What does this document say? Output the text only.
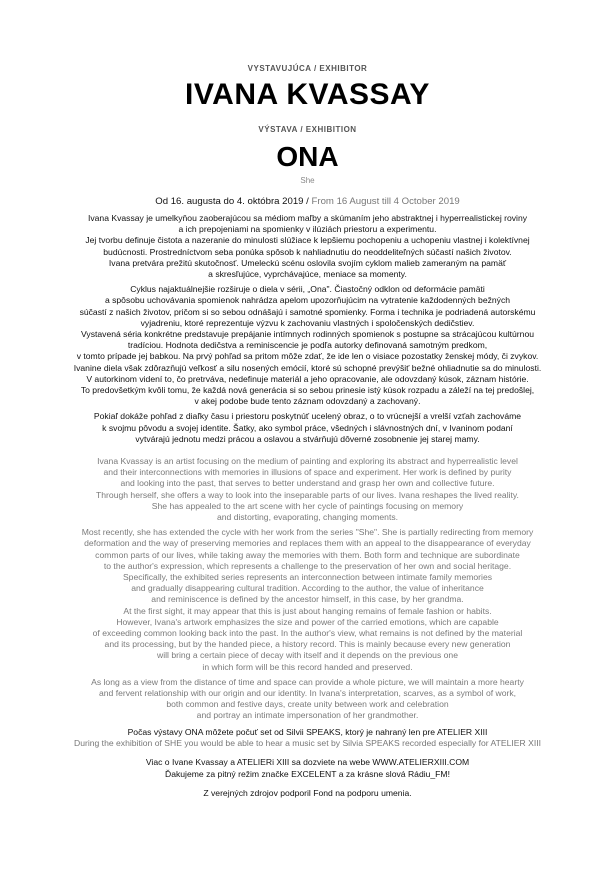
VYSTAVUJÚCA / EXHIBITOR
IVANA KVASSAY
VÝSTAVA / EXHIBITION
ONA
She
Od 16. augusta do 4. októbra 2019 / From 16 August till 4 October 2019

Ivana Kvassay je umelkyňou zaoberajúcou sa médiom maľby a skúmaním jeho abstraktnej i hyperrealistickej roviny

a ich prepojeniami na spomienky v ilúziách priestoru a experimentu.

Jej tvorbu definuje čistota a nazeranie do minulosti slúžiace k lepšiemu pochopeniu a uchopeniu vlastnej i kolektívnej

budúcnosti. Prostredníctvom seba ponúka spôsob k nahliadnutiu do neoddeliteľných súčastí našich životov.

Ivana pretvára prežitú skutočnosť. Umeleckú scénu oslovila svojím cyklom malieb zameraným na pamäť

a skresľujúce, vyprchávajúce, meniace sa momenty.

Cyklus najaktuálnejšie rozširuje o diela v sérii, „Ona". Čiastočný odklon od deformácie pamäti

a spôsobu uchovávania spomienok nahrádza apelom upozorňujúcim na vytratenie každodenných bežných

súčastí z našich životov, pričom si so sebou odnášajú i samotné spomienky. Forma i technika je podriadená autorskému

vyjadreniu, ktoré reprezentuje výzvu k zachovaniu vlastných i spoločenských dedičstiev.

Vystavená séria konkrétne predstavuje prepájanie intímnych rodinných spomienok s postupne sa strácajúcou kultúrnou

tradíciou. Hodnota dedičstva a reminiscencie je podľa autorky definovaná samotným predkom,

v tomto prípade jej babkou. Na prvý pohľad sa pritom môže zdať, že ide len o visiace pozostatky ženskej módy, či zvykov.

Ivanine diela však zdôrazňujú veľkosť a silu nosených emócií, ktoré sú schopné prevýšiť bežné ohliadnutie sa do minulosti.

V autorkinom videní to, čo pretrváva, nedefinuje materiál a jeho opracovanie, ale odovzdaný kúsok, záznam histórie.

To predovšetkým kvôli tomu, že každá nová generácia si so sebou prinesie istý kúsok rozpadu a záleží na tej predošlej,

v akej podobe bude tento záznam odovzdaný a zachovaný.

Pokiaľ dokáže pohľad z diaľky času i priestoru poskytnúť ucelený obraz, o to vrúcnejší a vrelší vzťah zachováme

k svojmu pôvodu a svojej identite. Šatky, ako symbol práce, všedných i slávnostných dní, v Ivaninom podaní

vytvárajú jednotu medzi prácou a oslavou a stvárňujú dôverné zosobnenie jej starej mamy.

Ivana Kvassay is an artist focusing on the medium of painting and exploring its abstract and hyperrealistic level

and their interconnections with memories in illusions of space and experiment. Her work is defined by purity

and looking into the past, that serves to better understand and grasp her own and collective future.

Through herself, she offers a way to look into the inseparable parts of our lives. Ivana reshapes the lived reality.

She has appealed to the art scene with her cycle of paintings focusing on memory

and distorting, evaporating, changing moments.

Most recently, she has extended the cycle with her work from the series "She". She is partially redirecting from memory

deformation and the way of preserving memories and replaces them with an appeal to the disappearance of everyday

common parts of our lives, while taking away the memories with them. Both form and technique are subordinate

to the author's expression, which represents a challenge to the preservation of her own and social heritage.

Specifically, the exhibited series represents an interconnection between intimate family memories

and gradually disappearing cultural tradition. According to the author, the value of inheritance

and reminiscence is defined by the ancestor himself, in this case, by her grandma.

At the first sight, it may appear that this is just about hanging remains of female fashion or habits.

However, Ivana's artwork emphasizes the size and power of the carried emotions, which are capable

of exceeding common looking back into the past. In the author's view, what remains is not defined by the material

and its processing, but by the handed piece, a history record. This is mainly because every new generation

will bring a certain piece of decay with itself and it depends on the previous one

in which form will be this record handed and preserved.

As long as a view from the distance of time and space can provide a whole picture, we will maintain a more hearty

and fervent relationship with our origin and our identity. In Ivana's interpretation, scarves, as a symbol of work,

both common and festive days, create unity between work and celebration

and portray an intimate impersonation of her grandmother.

Počas výstavy ONA môžete počuť set od Silvii SPEAKS, ktorý je nahraný len pre ATELIER XIII

During the exhibition of SHE you would be able to hear a music set by Silvia SPEAKS recorded especially for ATELIER XIII

Viac o Ivane Kvassay a ATELIERi XIII sa dozviete na webe WWW.ATELIERXIII.COM

Ďakujeme za pitný režim značke EXCELENT a za krásne slová Rádiu_FM!

Z verejných zdrojov podporil Fond na podporu umenia.
